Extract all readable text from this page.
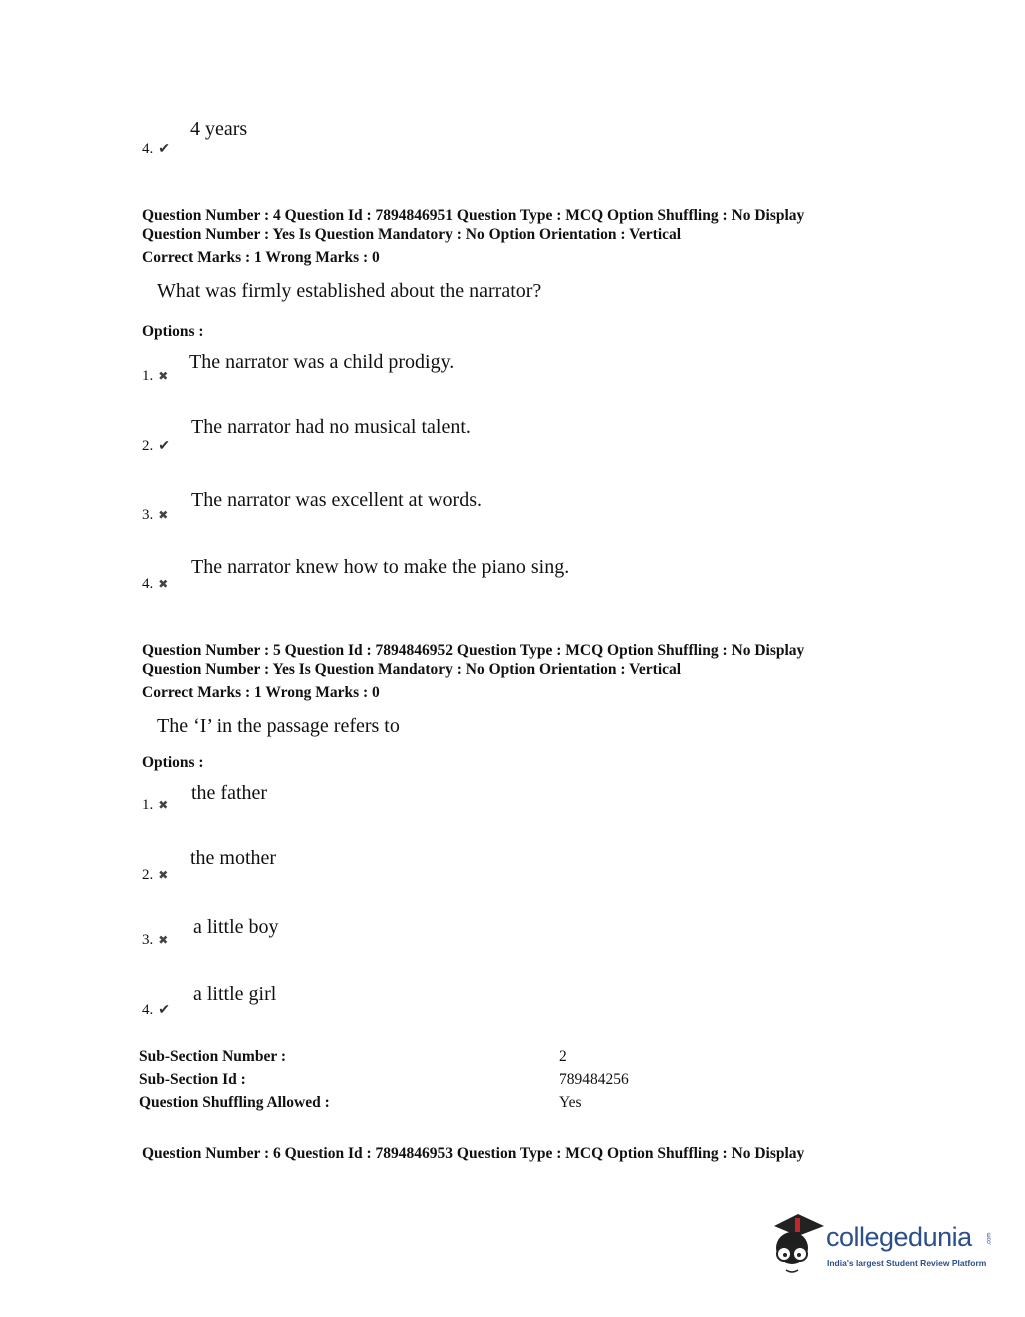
4 years
4. ✔
Question Number : 4 Question Id : 7894846951 Question Type : MCQ Option Shuffling : No Display
Question Number : Yes Is Question Mandatory : No Option Orientation : Vertical
Correct Marks : 1 Wrong Marks : 0
What was firmly established about the narrator?
Options :
The narrator was a child prodigy.
1. ✖
The narrator had no musical talent.
2. ✔
The narrator was excellent at words.
3. ✖
The narrator knew how to make the piano sing.
4. ✖
Question Number : 5 Question Id : 7894846952 Question Type : MCQ Option Shuffling : No Display
Question Number : Yes Is Question Mandatory : No Option Orientation : Vertical
Correct Marks : 1 Wrong Marks : 0
The ‘I’ in the passage refers to
Options :
the father
1. ✖
the mother
2. ✖
a little boy
3. ✖
a little girl
4. ✔
Sub-Section Number :	2
Sub-Section Id :	789484256
Question Shuffling Allowed :	Yes
Question Number : 6 Question Id : 7894846953 Question Type : MCQ Option Shuffling : No Display
collegedunia .com
India's largest Student Review Platform
